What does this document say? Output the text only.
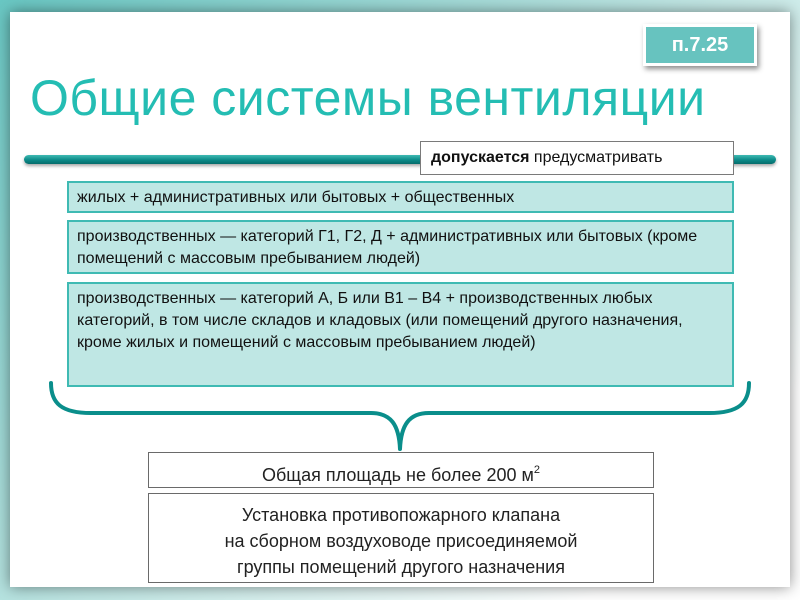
п.7.25
Общие системы вентиляции
допускается предусматривать
жилых + административных или бытовых + общественных
производственных — категорий Г1, Г2, Д + административных или бытовых (кроме помещений с массовым пребыванием людей)
производственных — категорий А, Б или В1 – В4 + производственных любых категорий, в том числе складов и кладовых (или помещений другого назначения, кроме жилых и помещений с массовым пребыванием людей)
Общая площадь не более 200 $м^2$
Установка противопожарного клапана
на сборном воздуховоде присоединяемой
группы помещений другого назначения
